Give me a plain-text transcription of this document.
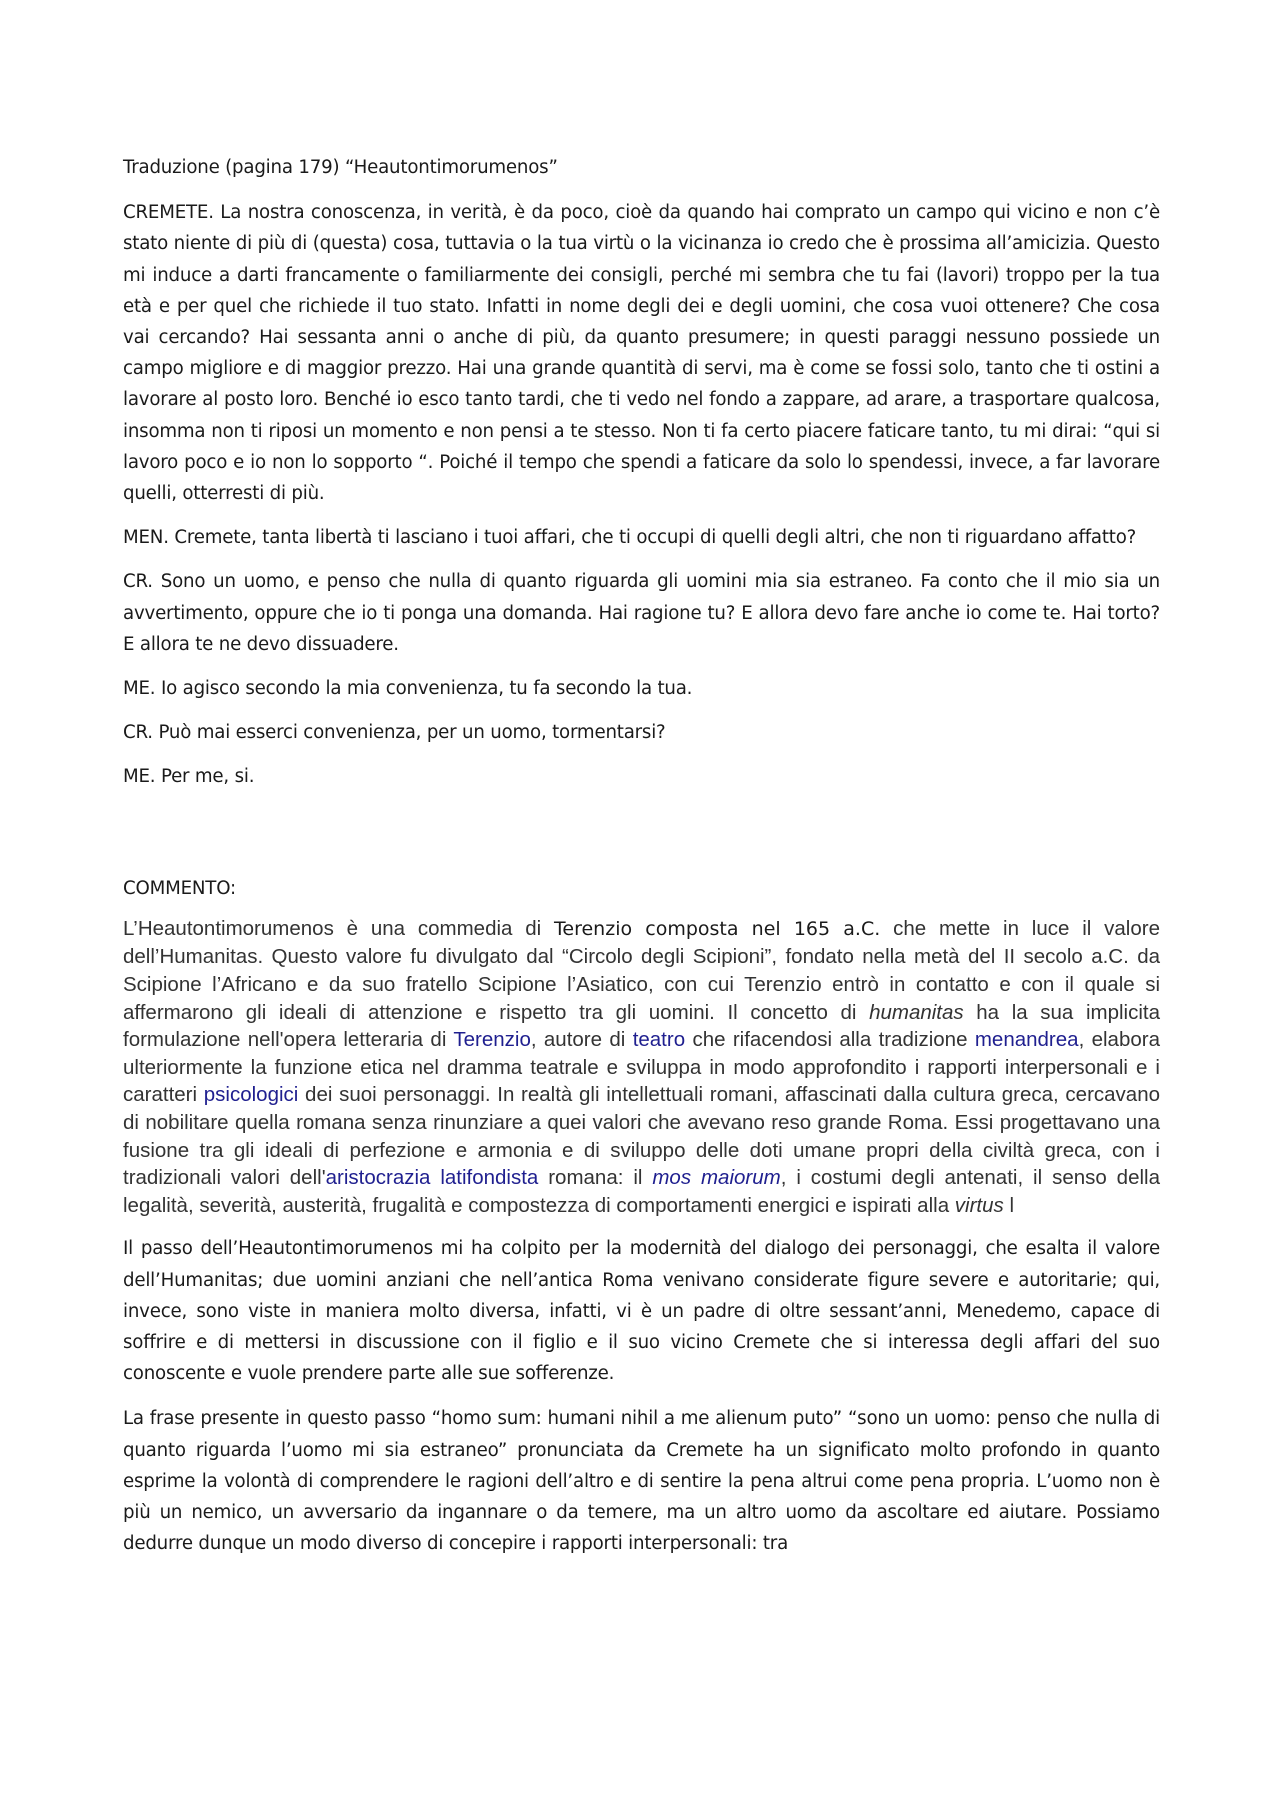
Traduzione (pagina 179) “Heautontimorumenos”

CREMETE. La nostra conoscenza, in verità, è da poco, cioè da quando hai comprato un campo qui vicino e non c’è stato niente di più di (questa) cosa, tuttavia o la tua virtù o la vicinanza io credo che è prossima all’amicizia. Questo mi induce a darti francamente o familiarmente dei consigli, perché mi sembra che tu fai (lavori) troppo per la tua età e per quel che richiede il tuo stato. Infatti in nome degli dei e degli uomini, che cosa vuoi ottenere? Che cosa vai cercando? Hai sessanta anni o anche di più, da quanto presumere; in questi paraggi nessuno possiede un campo migliore e di maggior prezzo. Hai una grande quantità di servi, ma è come se fossi solo, tanto che ti ostini a lavorare al posto loro. Benché io esco tanto tardi, che ti vedo nel fondo a zappare, ad arare, a trasportare qualcosa, insomma non ti riposi un momento e non pensi a te stesso. Non ti fa certo piacere faticare tanto, tu mi dirai: “qui si lavoro poco e io non lo sopporto “. Poiché il tempo che spendi a faticare da solo lo spendessi, invece, a far lavorare quelli, otterresti di più.

MEN. Cremete, tanta libertà ti lasciano i tuoi affari, che ti occupi di quelli degli altri, che non ti riguardano affatto?

CR. Sono un uomo, e penso che nulla di quanto riguarda gli uomini mia sia estraneo. Fa conto che il mio sia un avvertimento, oppure che io ti ponga una domanda. Hai ragione tu? E allora devo fare anche io come te. Hai torto? E allora te ne devo dissuadere.

ME. Io agisco secondo la mia convenienza, tu fa secondo la tua.

CR. Può mai esserci convenienza, per un uomo, tormentarsi?

ME. Per me, si.

COMMENTO:

L’Heautontimorumenos è una commedia di Terenzio composta nel 165 a.C. che mette in luce il valore dell’Humanitas. Questo valore fu divulgato dal “Circolo degli Scipioni”, fondato nella metà del II secolo a.C. da Scipione l’Africano e da suo fratello Scipione l’Asiatico, con cui Terenzio entrò in contatto e con il quale si affermarono gli ideali di attenzione e rispetto tra gli uomini. Il concetto di humanitas ha la sua implicita formulazione nell'opera letteraria di Terenzio, autore di teatro che rifacendosi alla tradizione menandrea, elabora ulteriormente la funzione etica nel dramma teatrale e sviluppa in modo approfondito i rapporti interpersonali e i caratteri psicologici dei suoi personaggi. In realtà gli intellettuali romani, affascinati dalla cultura greca, cercavano di nobilitare quella romana senza rinunziare a quei valori che avevano reso grande Roma. Essi progettavano una fusione tra gli ideali di perfezione e armonia e di sviluppo delle doti umane propri della civiltà greca, con i tradizionali valori dell'aristocrazia latifondista romana: il mos maiorum, i costumi degli antenati, il senso della legalità, severità, austerità, frugalità e compostezza di comportamenti energici e ispirati alla virtus l

Il passo dell’Heautontimorumenos mi ha colpito per la modernità del dialogo dei personaggi, che esalta il valore dell’Humanitas; due uomini anziani che nell’antica Roma venivano considerate figure severe e autoritarie; qui, invece, sono viste in maniera molto diversa, infatti, vi è un padre di oltre sessant’anni, Menedemo, capace di soffrire e di mettersi in discussione con il figlio e il suo vicino Cremete che si interessa degli affari del suo conoscente e vuole prendere parte alle sue sofferenze.

La frase presente in questo passo “homo sum: humani nihil a me alienum puto” “sono un uomo: penso che nulla di quanto riguarda l’uomo mi sia estraneo” pronunciata da Cremete ha un significato molto profondo in quanto esprime la volontà di comprendere le ragioni dell’altro e di sentire la pena altrui come pena propria. L’uomo non è più un nemico, un avversario da ingannare o da temere, ma un altro uomo da ascoltare ed aiutare. Possiamo dedurre dunque un modo diverso di concepire i rapporti interpersonali: tra
